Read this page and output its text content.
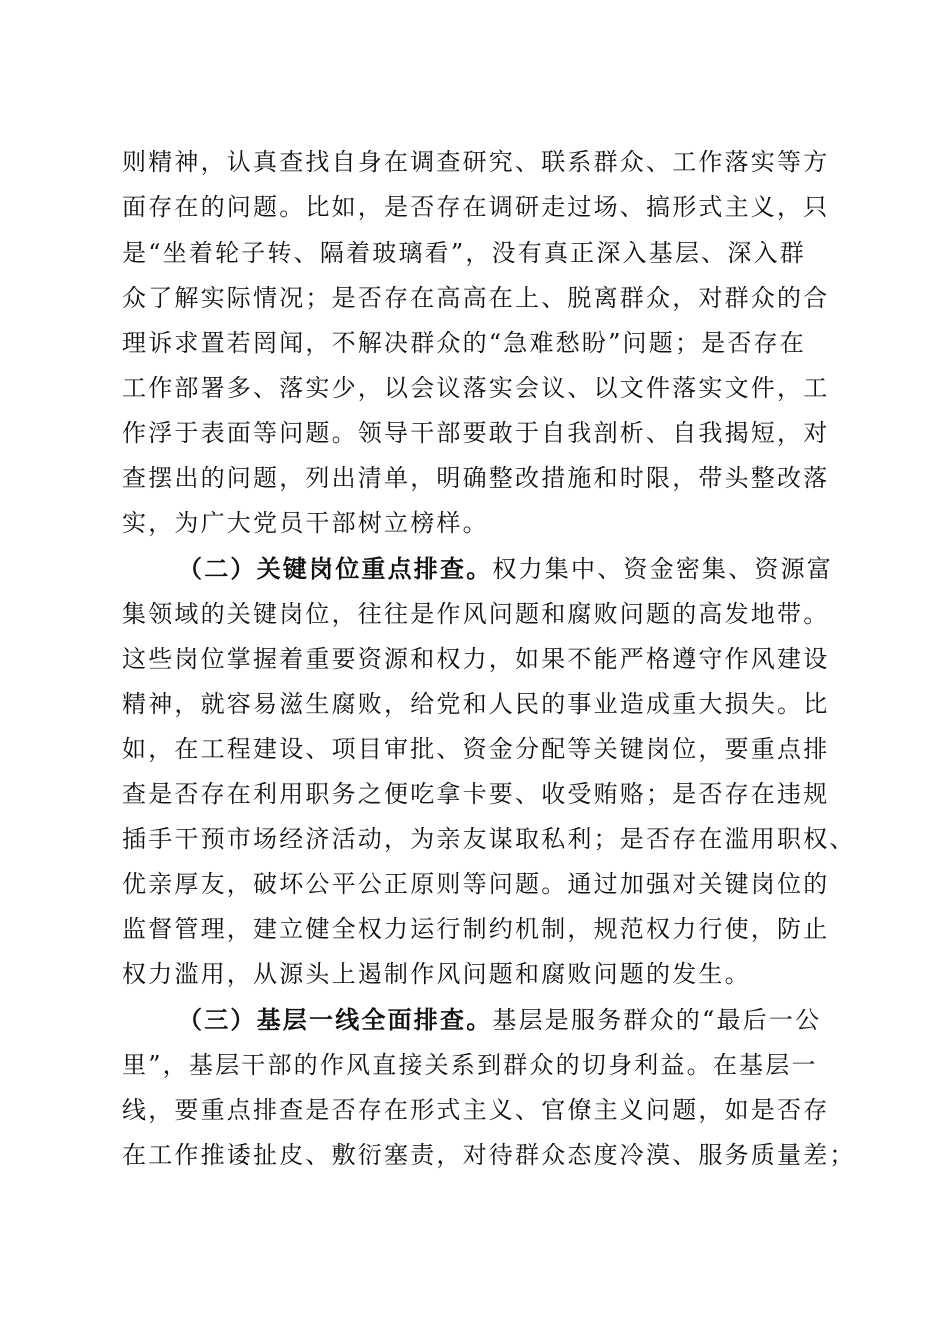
则精神，认真查找自身在调查研究、联系群众、工作落实等方
面存在的问题。比如，是否存在调研走过场、搞形式主义，只
是“坐着轮子转、隔着玻璃看”，没有真正深入基层、深入群
众了解实际情况；是否存在高高在上、脱离群众，对群众的合
理诉求置若罔闻，不解决群众的“急难愁盼”问题；是否存在
工作部署多、落实少，以会议落实会议、以文件落实文件，工
作浮于表面等问题。领导干部要敢于自我剖析、自我揭短，对
查摆出的问题，列出清单，明确整改措施和时限，带头整改落
实，为广大党员干部树立榜样。
（二）关键岗位重点排查。权力集中、资金密集、资源富
集领域的关键岗位，往往是作风问题和腐败问题的高发地带。
这些岗位掌握着重要资源和权力，如果不能严格遵守作风建设
精神，就容易滋生腐败，给党和人民的事业造成重大损失。比
如，在工程建设、项目审批、资金分配等关键岗位，要重点排
查是否存在利用职务之便吃拿卡要、收受贿赂；是否存在违规
插手干预市场经济活动，为亲友谋取私利；是否存在滥用职权、
优亲厚友，破坏公平公正原则等问题。通过加强对关键岗位的
监督管理，建立健全权力运行制约机制，规范权力行使，防止
权力滥用，从源头上遏制作风问题和腐败问题的发生。
（三）基层一线全面排查。基层是服务群众的“最后一公
里”，基层干部的作风直接关系到群众的切身利益。在基层一
线，要重点排查是否存在形式主义、官僚主义问题，如是否存
在工作推诿扯皮、敷衍塞责，对待群众态度冷漠、服务质量差；
